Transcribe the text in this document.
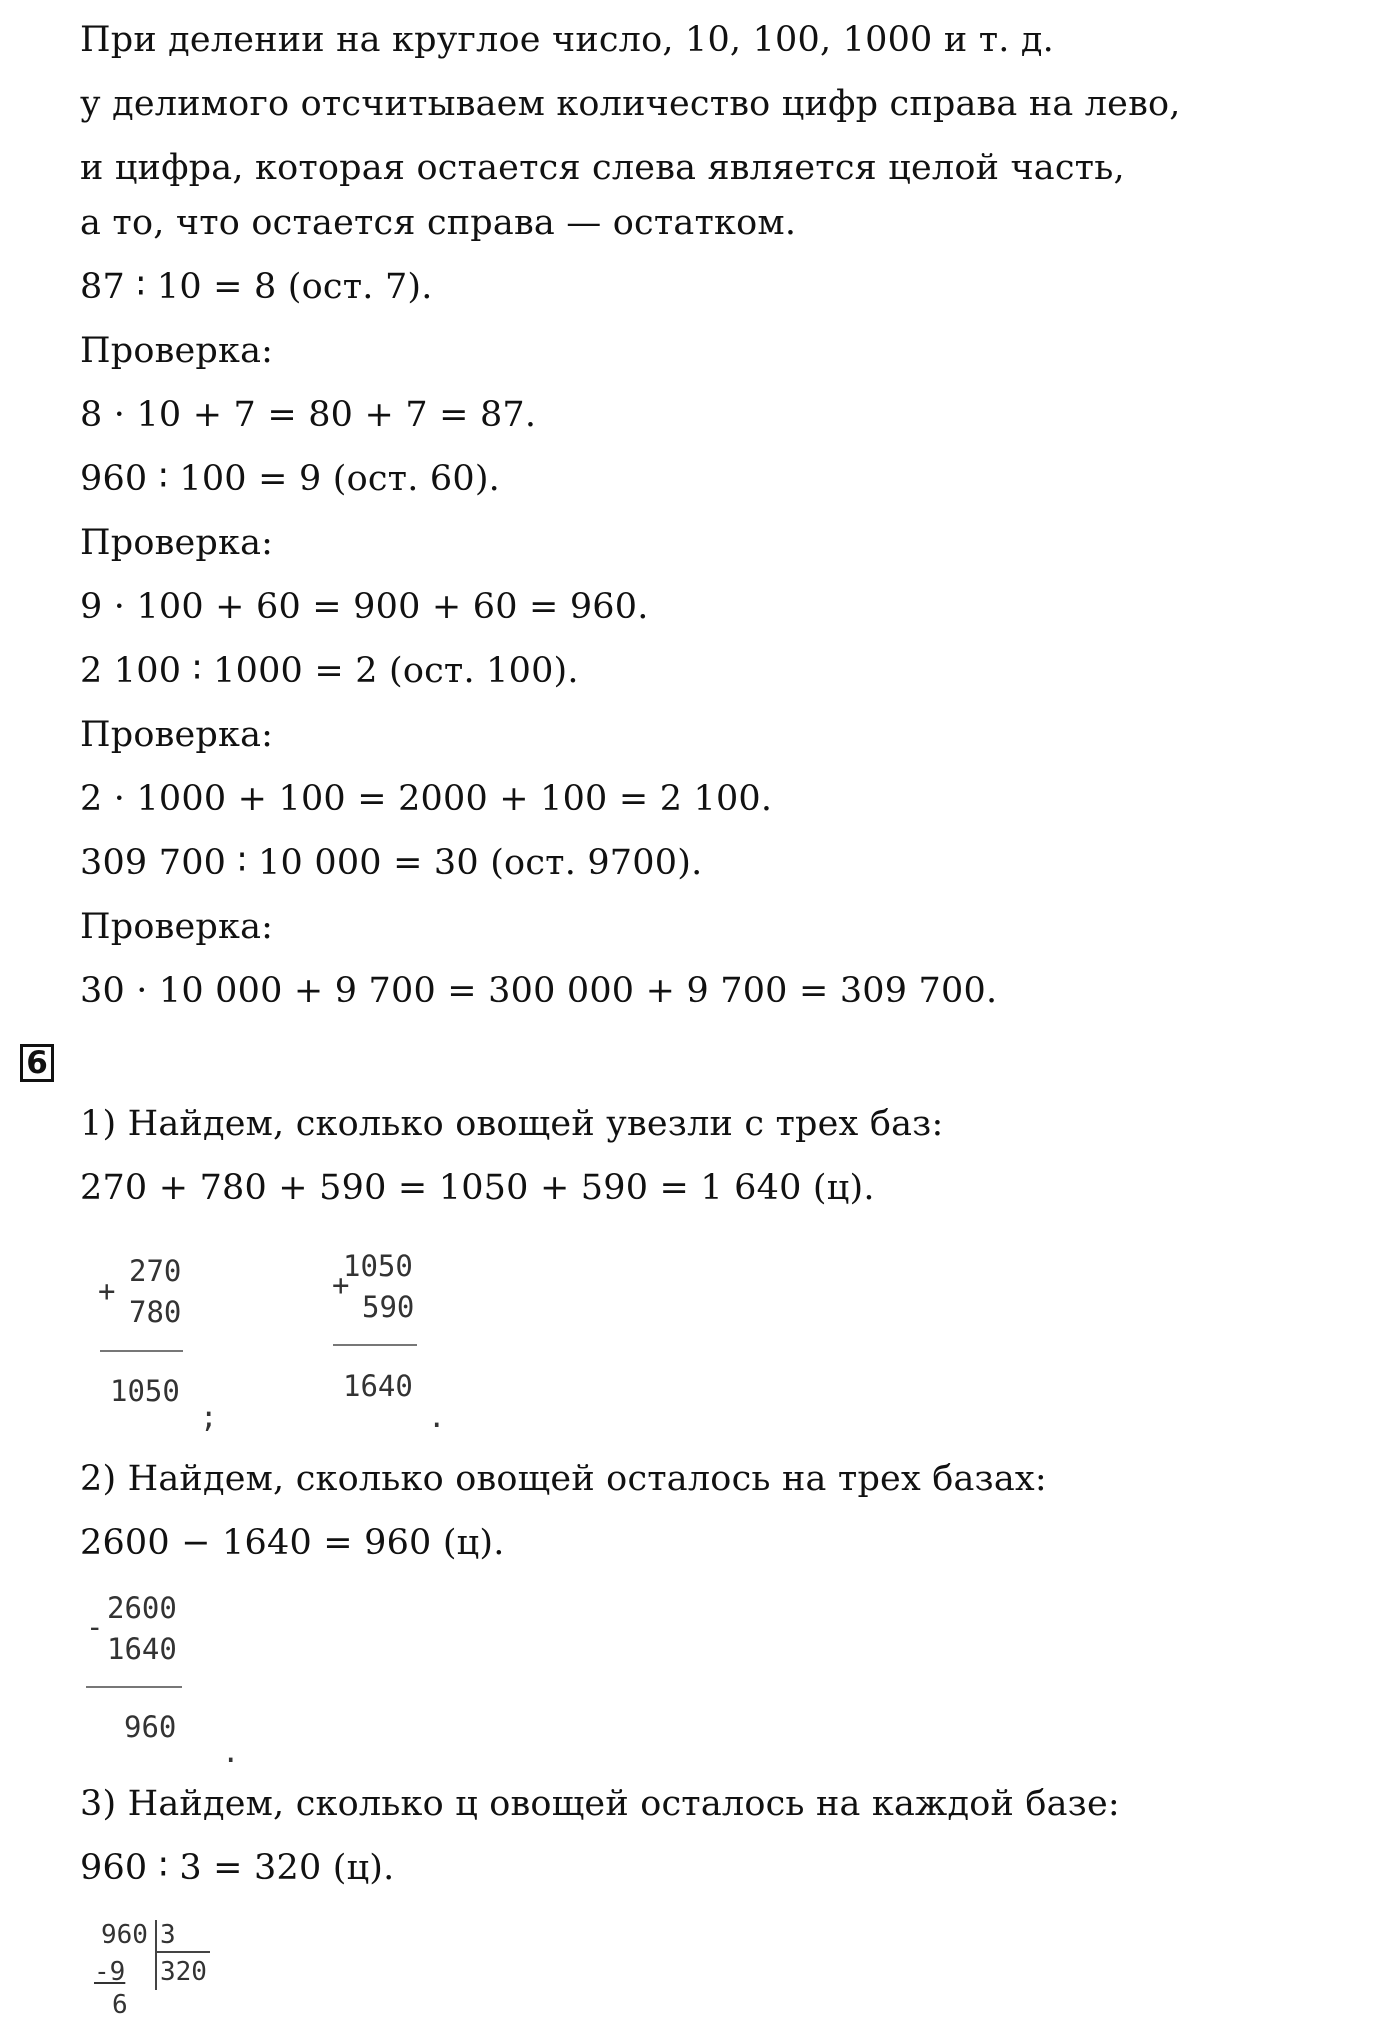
При делении на круглое число, 10, 100, 1000 и т. д.

у делимого отсчитываем количество цифр справа на лево,

и цифра, которая остается слева является целой часть,

а то, что остается справа — остатком.

87 ∶ 10 = 8 (ост. 7).

Проверка:

8 · 10 + 7 = 80 + 7 = 87.

960 ∶ 100 = 9 (ост. 60).

Проверка:

9 · 100 + 60 = 900 + 60 = 960.

2 100 ∶ 1000 = 2 (ост. 100).

Проверка:

2 · 1000 + 100 = 2000 + 100 = 2 100.

309 700 ∶ 10 000 = 30 (ост. 9700).

Проверка:

30 · 10 000 + 9 700 = 300 000 + 9 700 = 309 700.

6

1) Найдем, сколько овощей увезли с трех баз:

270 + 780 + 590 = 1050 + 590 = 1 640 (ц).

+
270
780
1050
;
+
1050
590
1640
.

2) Найдем, сколько овощей осталось на трех базах:

2600 − 1640 = 960 (ц).

-
2600
1640
960
.

3) Найдем, сколько ц овощей осталось на каждой базе:

960 ∶ 3 = 320 (ц).

960 3
320
-9
6
